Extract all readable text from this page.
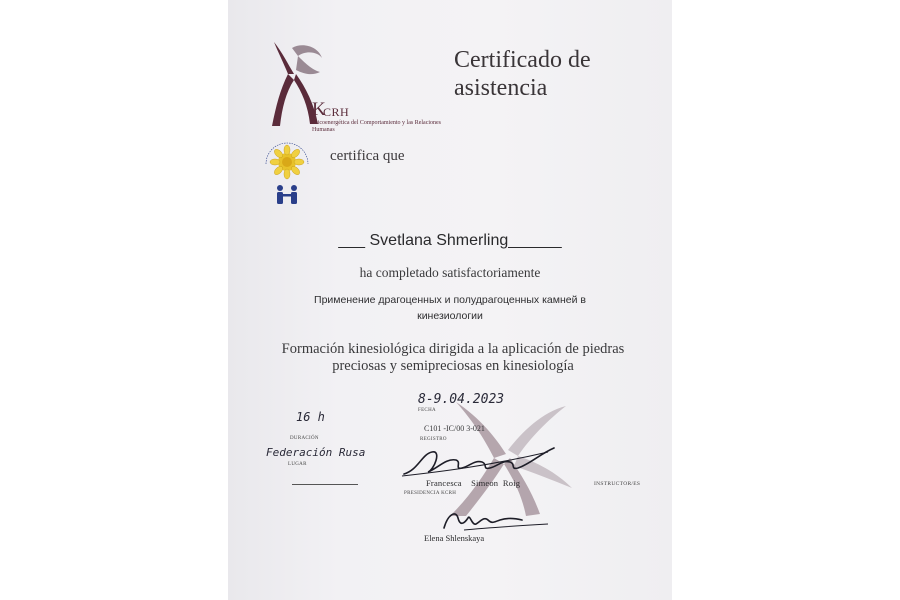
K
CRH
Psicoenergética del Comportamiento y las Relaciones Humanas
Certificado de asistencia
certifica que
___ Svetlana Shmerling______
ha completado satisfactoriamente
Применение драгоценных и полудрагоценных камней в кинезиологии
Formación kinesiológica dirigida a la aplicación de piedras preciosas y semipreciosas en kinesiología
8-9.04.2023
FECHA
16 h
DURACIÓN
C101 -IC/00 3-021
REGISTRO
Federación Rusa
LUGAR
Francesca    Simeon  Roig
PRESIDENCIA KCRH
INSTRUCTOR/ES
Elena Shlenskaya
